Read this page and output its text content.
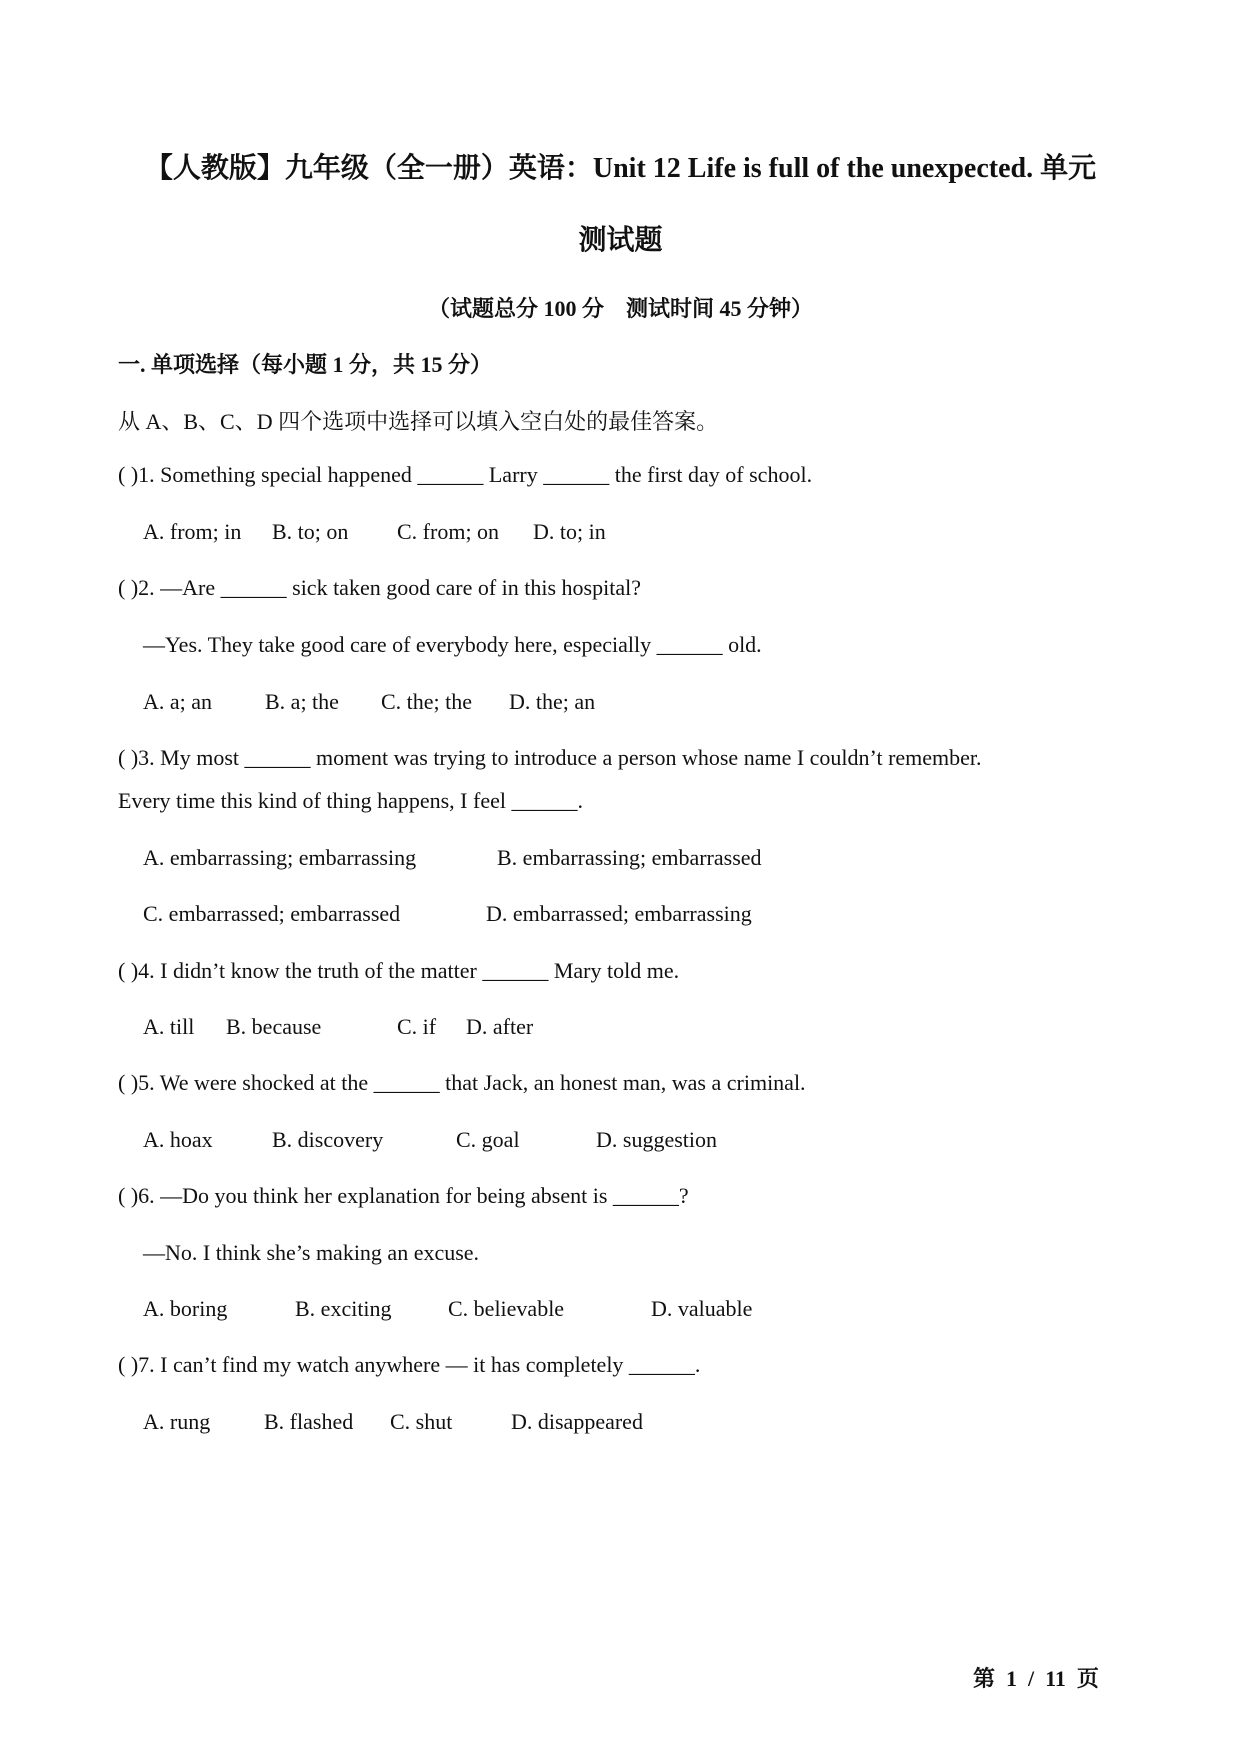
【人教版】九年级（全一册）英语：Unit 12 Life is full of the unexpected. 单元
测试题
（试题总分 100 分　测试时间 45 分钟）
一. 单项选择（每小题 1 分，共 15 分）
从 A、B、C、D 四个选项中选择可以填入空白处的最佳答案。
( )1. Something special happened ______ Larry ______ the first day of school.
A. from; in B. to; on C. from; on D. to; in
( )2. —Are ______ sick taken good care of in this hospital?
—Yes. They take good care of everybody here, especially ______ old.
A. a; an B. a; the C. the; the D. the; an
( )3. My most ______ moment was trying to introduce a person whose name I couldn’t remember.
Every time this kind of thing happens, I feel ______.
A. embarrassing; embarrassing	B. embarrassing; embarrassed
C. embarrassed; embarrassed	D. embarrassed; embarrassing
( )4. I didn’t know the truth of the matter ______ Mary told me.
A. till B. because	C. if D. after
( )5. We were shocked at the ______ that Jack, an honest man, was a criminal.
A. hoax	B. discovery	C. goal	D. suggestion
( )6. —Do you think her explanation for being absent is ______?
—No. I think she’s making an excuse.
A. boring	B. exciting	C. believable	D. valuable
( )7. I can’t find my watch anywhere — it has completely ______.
A. rung B. flashed C. shut	D. disappeared
第  1  /  11  页
